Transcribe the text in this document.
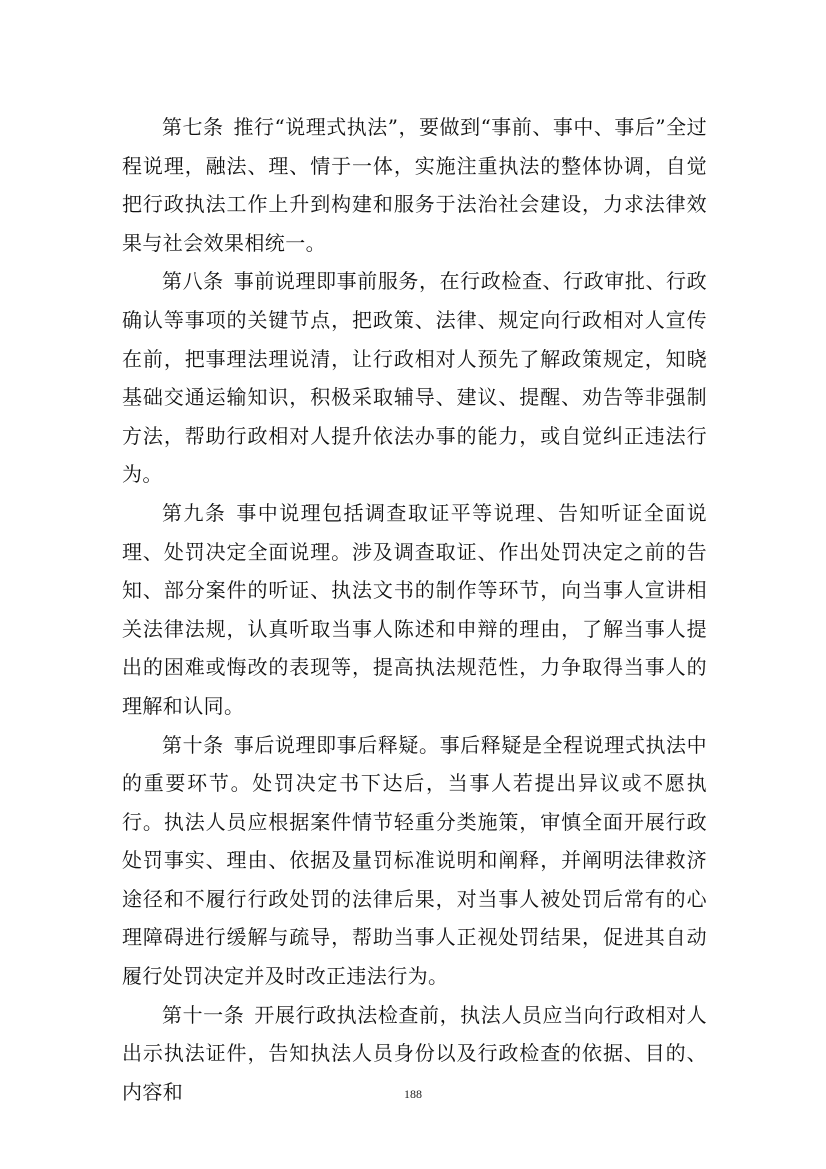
第七条 推行“说理式执法”，要做到“事前、事中、事后”全过程说理，融法、理、情于一体，实施注重执法的整体协调，自觉把行政执法工作上升到构建和服务于法治社会建设，力求法律效果与社会效果相统一。

第八条 事前说理即事前服务，在行政检查、行政审批、行政确认等事项的关键节点，把政策、法律、规定向行政相对人宣传在前，把事理法理说清，让行政相对人预先了解政策规定，知晓基础交通运输知识，积极采取辅导、建议、提醒、劝告等非强制方法，帮助行政相对人提升依法办事的能力，或自觉纠正违法行为。

第九条 事中说理包括调查取证平等说理、告知听证全面说理、处罚决定全面说理。涉及调查取证、作出处罚决定之前的告知、部分案件的听证、执法文书的制作等环节，向当事人宣讲相关法律法规，认真听取当事人陈述和申辩的理由，了解当事人提出的困难或悔改的表现等，提高执法规范性，力争取得当事人的理解和认同。

第十条 事后说理即事后释疑。事后释疑是全程说理式执法中的重要环节。处罚决定书下达后，当事人若提出异议或不愿执行。执法人员应根据案件情节轻重分类施策，审慎全面开展行政处罚事实、理由、依据及量罚标准说明和阐释，并阐明法律救济途径和不履行行政处罚的法律后果，对当事人被处罚后常有的心理障碍进行缓解与疏导，帮助当事人正视处罚结果，促进其自动履行处罚决定并及时改正违法行为。

第十一条 开展行政执法检查前，执法人员应当向行政相对人出示执法证件，告知执法人员身份以及行政检查的依据、目的、内容和	188
